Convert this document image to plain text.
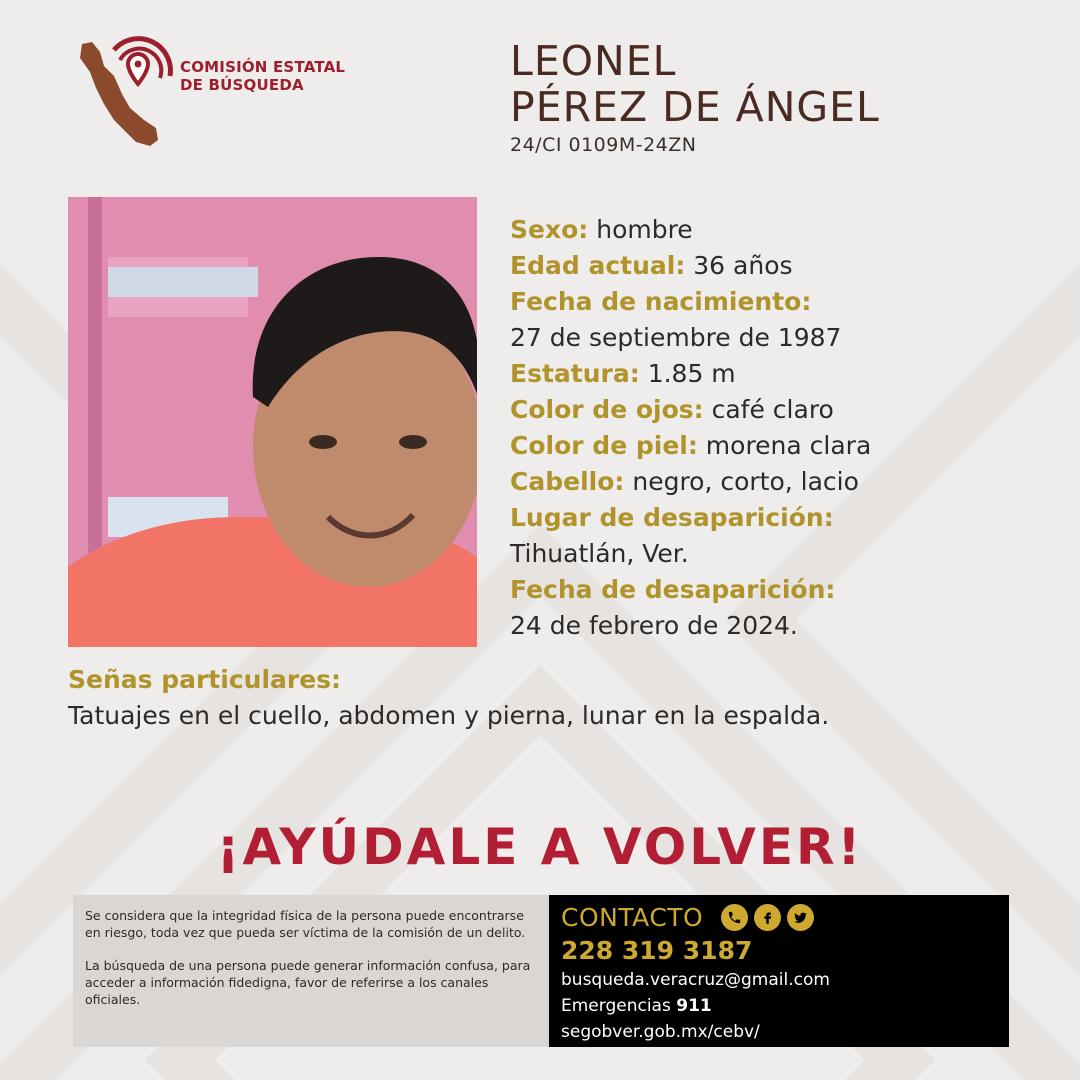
COMISIÓN ESTATAL
DE BÚSQUEDA	LEONEL
PÉREZ DE ÁNGEL
24/CI 0109M-24ZN
Sexo: hombre
Edad actual: 36 años
Fecha de nacimiento:
27 de septiembre de 1987
Estatura: 1.85 m
Color de ojos: café claro
Color de piel: morena clara
Cabello: negro, corto, lacio
Lugar de desaparición:
Tihuatlán, Ver.
Fecha de desaparición:
24 de febrero de 2024.
Señas particulares:
Tatuajes en el cuello, abdomen y pierna, lunar en la espalda.
¡AYÚDALE A VOLVER!

Se considera que la integridad física de la persona puede encontrarse en riesgo, toda vez que pueda ser víctima de la comisión de un delito.

La búsqueda de una persona puede generar información confusa, para acceder a información fidedigna, favor de referirse a los canales oficiales.

CONTACTO
228 319 3187
busqueda.veracruz@gmail.com
Emergencias 911
segobver.gob.mx/cebv/
